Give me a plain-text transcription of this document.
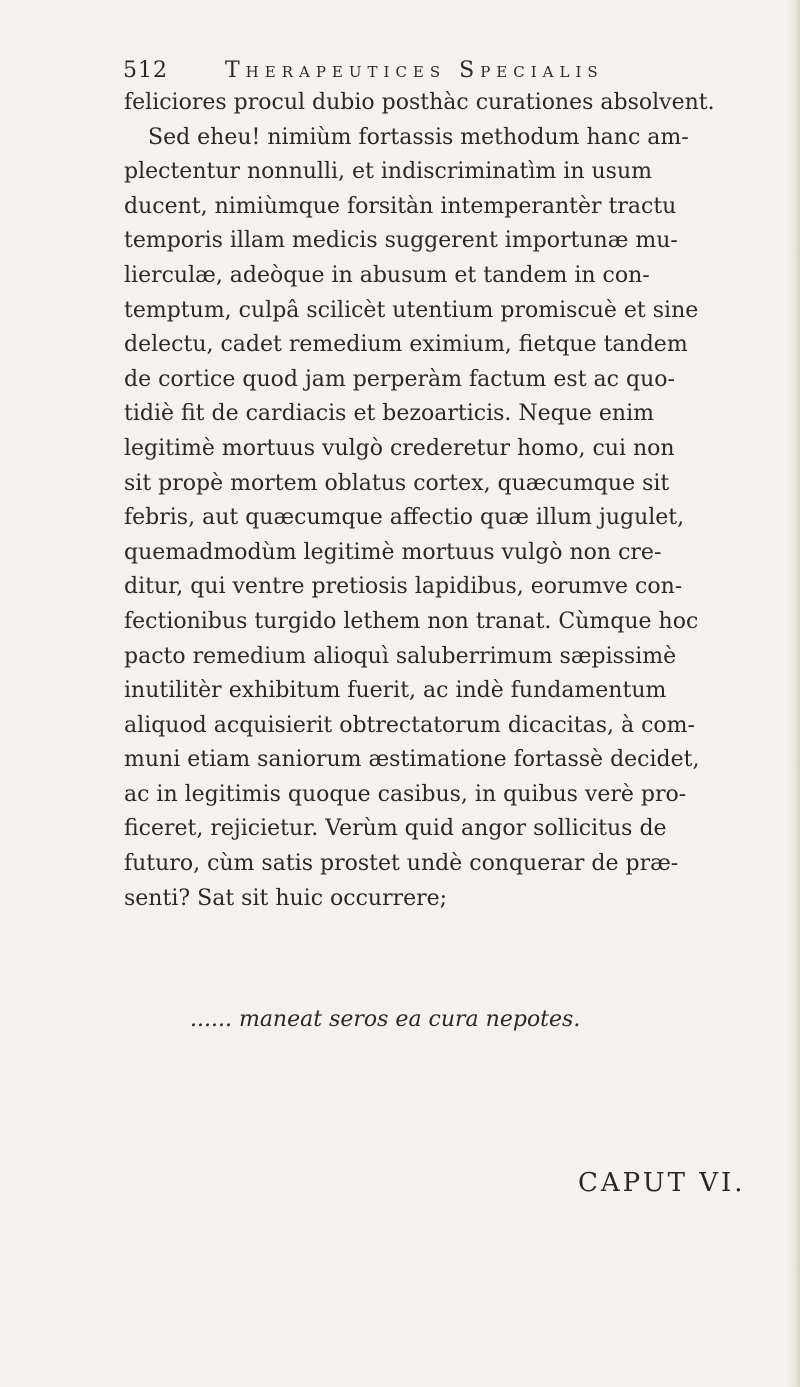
512	Therapeutices Specialis
feliciores procul dubio posthàc curationes absolvent.
Sed eheu! nimiùm fortassis methodum hanc am-
plectentur nonnulli, et indiscriminatìm in usum
ducent, nimiùmque forsitàn intemperantèr tractu
temporis illam medicis suggerent importunæ mu-
lierculæ, adeòque in abusum et tandem in con-
temptum, culpâ scilicèt utentium promiscuè et sine
delectu, cadet remedium eximium, fietque tandem
de cortice quod jam perperàm factum est ac quo-
tidiè fit de cardiacis et bezoarticis. Neque enim
legitimè mortuus vulgò crederetur homo, cui non
sit propè mortem oblatus cortex, quæcumque sit
febris, aut quæcumque affectio quæ illum jugulet,
quemadmodùm legitimè mortuus vulgò non cre-
ditur, qui ventre pretiosis lapidibus, eorumve con-
fectionibus turgido lethem non tranat. Cùmque hoc
pacto remedium alioquì saluberrimum sæpissimè
inutilitèr exhibitum fuerit, ac indè fundamentum
aliquod acquisierit obtrectatorum dicacitas, à com-
muni etiam saniorum æstimatione fortassè decidet,
ac in legitimis quoque casibus, in quibus verè pro-
ficeret, rejicietur. Verùm quid angor sollicitus de
futuro, cùm satis prostet undè conquerar de præ-
senti? Sat sit huic occurrere;
...... maneat seros ea cura nepotes.
CAPUT VI.
